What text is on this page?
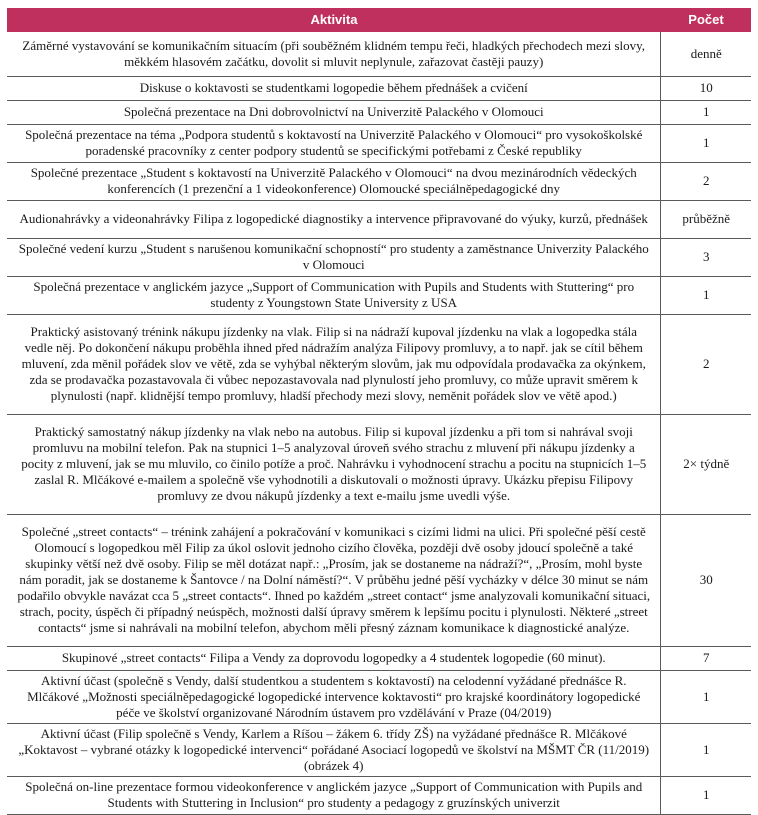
Aktivita	Počet
Záměrné vystavování se komunikačním situacím (při souběžném klidném tempu řeči, hladkých přechodech mezi slovy, měkkém hlasovém začátku, dovolit si mluvit neplynule, zařazovat častěji pauzy)	denně
Diskuse o koktavosti se studentkami logopedie během přednášek a cvičení	10
Společná prezentace na Dni dobrovolnictví na Univerzitě Palackého v Olomouci	1
Společná prezentace na téma „Podpora studentů s koktavostí na Univerzitě Palackého v Olomouci“ pro vysokoškolské poradenské pracovníky z center podpory studentů se specifickými potřebami z České republiky	1
Společné prezentace „Student s koktavostí na Univerzitě Palackého v Olomouci“ na dvou mezinárodních vědeckých konferencích (1 prezenční a 1 videokonference) Olomoucké speciálněpedagogické dny	2
Audionahrávky a videonahrávky Filipa z logopedické diagnostiky a intervence připravované do výuky, kurzů, přednášek	průběžně
Společné vedení kurzu „Student s narušenou komunikační schopností“ pro studenty a zaměstnance Univerzity Palackého v Olomouci	3
Společná prezentace v anglickém jazyce „Support of Communication with Pupils and Students with Stuttering“ pro studenty z Youngstown State University z USA	1
Praktický asistovaný trénink nákupu jízdenky na vlak. Filip si na nádraží kupoval jízdenku na vlak a logopedka stála vedle něj. Po dokončení nákupu proběhla ihned před nádražím analýza Filipovy promluvy, a to např. jak se cítil během mluvení, zda měnil pořádek slov ve větě, zda se vyhýbal některým slovům, jak mu odpovídala prodavačka za okýnkem, zda se prodavačka pozastavovala či vůbec nepozastavovala nad plynulostí jeho promluvy, co může upravit směrem k plynulosti (např. klidnější tempo promluvy, hladší přechody mezi slovy, neměnit pořádek slov ve větě apod.)	2
Praktický samostatný nákup jízdenky na vlak nebo na autobus. Filip si kupoval jízdenku a při tom si nahrával svoji promluvu na mobilní telefon. Pak na stupnici 1–5 analyzoval úroveň svého strachu z mluvení při nákupu jízdenky a pocity z mluvení, jak se mu mluvilo, co činilo potíže a proč. Nahrávku i vyhodnocení strachu a pocitu na stupnicích 1–5 zaslal R. Mlčákové e-mailem a společně vše vyhodnotili a diskutovali o možnosti úpravy. Ukázku přepisu Filipovy promluvy ze dvou nákupů jízdenky a text e-mailu jsme uvedli výše.	2× týdně
Společné „street contacts“ – trénink zahájení a pokračování v komunikaci s cizími lidmi na ulici. Při společné pěší cestě Olomoucí s logopedkou měl Filip za úkol oslovit jednoho cizího člověka, později dvě osoby jdoucí společně a také skupinky větší než dvě osoby. Filip se měl dotázat např.: „Prosím, jak se dostaneme na nádraží?“, „Prosím, mohl byste nám poradit, jak se dostaneme k Šantovce / na Dolní náměstí?“. V průběhu jedné pěší vycházky v délce 30 minut se nám podařilo obvykle navázat cca 5 „street contacts“. Ihned po každém „street contact“ jsme analyzovali komunikační situaci, strach, pocity, úspěch či případný neúspěch, možnosti další úpravy směrem k lepšímu pocitu i plynulosti. Některé „street contacts“ jsme si nahrávali na mobilní telefon, abychom měli přesný záznam komunikace k diagnostické analýze.	30
Skupinové „street contacts“ Filipa a Vendy za doprovodu logopedky a 4 studentek logopedie (60 minut).	7
Aktivní účast (společně s Vendy, další studentkou a studentem s koktavostí) na celodenní vyžádané přednášce R. Mlčákové „Možnosti speciálněpedagogické logopedické intervence koktavosti“ pro krajské koordinátory logopedické péče ve školství organizované Národním ústavem pro vzdělávání v Praze (04/2019)	1
Aktivní účast (Filip společně s Vendy, Karlem a Ríšou – žákem 6. třídy ZŠ) na vyžádané přednášce R. Mlčákové „Koktavost – vybrané otázky k logopedické intervenci“ pořádané Asociací logopedů ve školství na MŠMT ČR (11/2019) (obrázek 4)	1
Společná on-line prezentace formou videokonference v anglickém jazyce „Support of Communication with Pupils and Students with Stuttering in Inclusion“ pro studenty a pedagogy z gruzínských univerzit	1
